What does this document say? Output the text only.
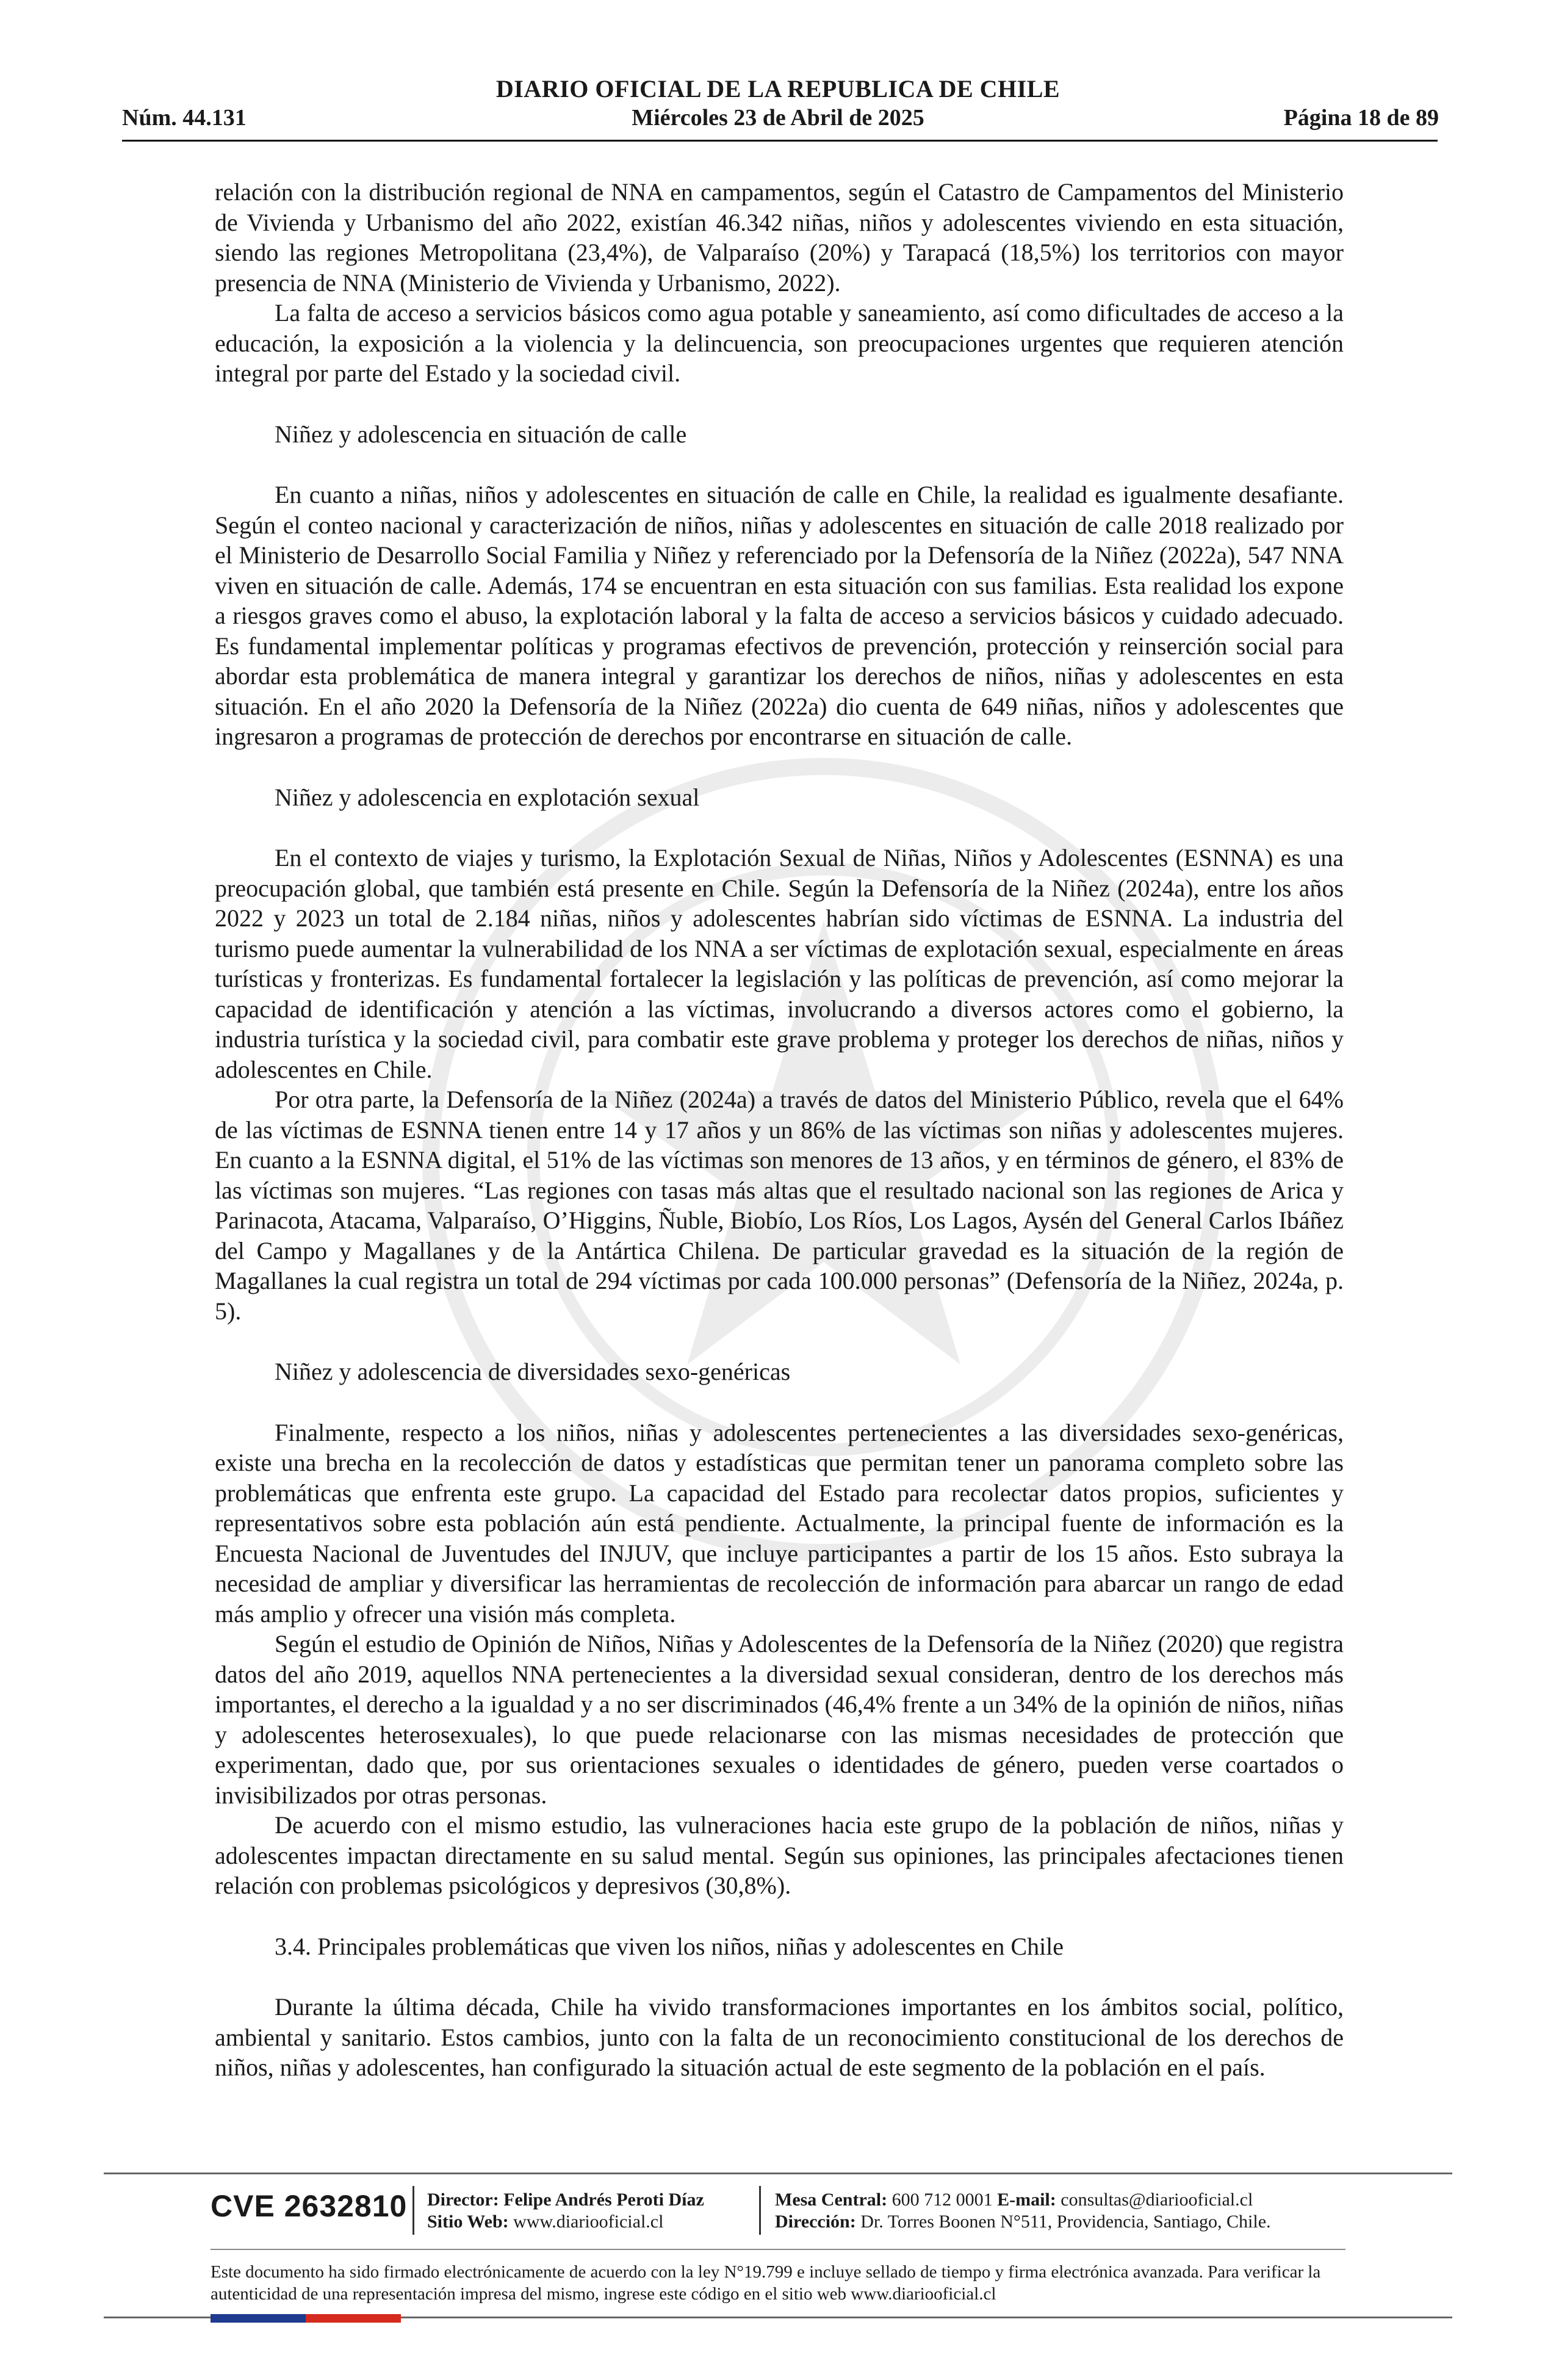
DIARIO OFICIAL DE LA REPUBLICA DE CHILE
Núm. 44.131	Miércoles 23 de Abril de 2025	Página 18 de 89

relación con la distribución regional de NNA en campamentos, según el Catastro de Campamentos del Ministerio de Vivienda y Urbanismo del año 2022, existían 46.342 niñas, niños y adolescentes viviendo en esta situación, siendo las regiones Metropolitana (23,4%), de Valparaíso (20%) y Tarapacá (18,5%) los territorios con mayor presencia de NNA (Ministerio de Vivienda y Urbanismo, 2022).

La falta de acceso a servicios básicos como agua potable y saneamiento, así como dificultades de acceso a la educación, la exposición a la violencia y la delincuencia, son preocupaciones urgentes que requieren atención integral por parte del Estado y la sociedad civil.

Niñez y adolescencia en situación de calle

En cuanto a niñas, niños y adolescentes en situación de calle en Chile, la realidad es igualmente desafiante. Según el conteo nacional y caracterización de niños, niñas y adolescentes en situación de calle 2018 realizado por el Ministerio de Desarrollo Social Familia y Niñez y referenciado por la Defensoría de la Niñez (2022a), 547 NNA viven en situación de calle. Además, 174 se encuentran en esta situación con sus familias. Esta realidad los expone a riesgos graves como el abuso, la explotación laboral y la falta de acceso a servicios básicos y cuidado adecuado. Es fundamental implementar políticas y programas efectivos de prevención, protección y reinserción social para abordar esta problemática de manera integral y garantizar los derechos de niños, niñas y adolescentes en esta situación. En el año 2020 la Defensoría de la Niñez (2022a) dio cuenta de 649 niñas, niños y adolescentes que ingresaron a programas de protección de derechos por encontrarse en situación de calle.

Niñez y adolescencia en explotación sexual

En el contexto de viajes y turismo, la Explotación Sexual de Niñas, Niños y Adolescentes (ESNNA) es una preocupación global, que también está presente en Chile. Según la Defensoría de la Niñez (2024a), entre los años 2022 y 2023 un total de 2.184 niñas, niños y adolescentes habrían sido víctimas de ESNNA. La industria del turismo puede aumentar la vulnerabilidad de los NNA a ser víctimas de explotación sexual, especialmente en áreas turísticas y fronterizas. Es fundamental fortalecer la legislación y las políticas de prevención, así como mejorar la capacidad de identificación y atención a las víctimas, involucrando a diversos actores como el gobierno, la industria turística y la sociedad civil, para combatir este grave problema y proteger los derechos de niñas, niños y adolescentes en Chile.

Por otra parte, la Defensoría de la Niñez (2024a) a través de datos del Ministerio Público, revela que el 64% de las víctimas de ESNNA tienen entre 14 y 17 años y un 86% de las víctimas son niñas y adolescentes mujeres. En cuanto a la ESNNA digital, el 51% de las víctimas son menores de 13 años, y en términos de género, el 83% de las víctimas son mujeres. “Las regiones con tasas más altas que el resultado nacional son las regiones de Arica y Parinacota, Atacama, Valparaíso, O’Higgins, Ñuble, Biobío, Los Ríos, Los Lagos, Aysén del General Carlos Ibáñez del Campo y Magallanes y de la Antártica Chilena. De particular gravedad es la situación de la región de Magallanes la cual registra un total de 294 víctimas por cada 100.000 personas” (Defensoría de la Niñez, 2024a, p. 5).

Niñez y adolescencia de diversidades sexo-genéricas

Finalmente, respecto a los niños, niñas y adolescentes pertenecientes a las diversidades sexo-genéricas, existe una brecha en la recolección de datos y estadísticas que permitan tener un panorama completo sobre las problemáticas que enfrenta este grupo. La capacidad del Estado para recolectar datos propios, suficientes y representativos sobre esta población aún está pendiente. Actualmente, la principal fuente de información es la Encuesta Nacional de Juventudes del INJUV, que incluye participantes a partir de los 15 años. Esto subraya la necesidad de ampliar y diversificar las herramientas de recolección de información para abarcar un rango de edad más amplio y ofrecer una visión más completa.

Según el estudio de Opinión de Niños, Niñas y Adolescentes de la Defensoría de la Niñez (2020) que registra datos del año 2019, aquellos NNA pertenecientes a la diversidad sexual consideran, dentro de los derechos más importantes, el derecho a la igualdad y a no ser discriminados (46,4% frente a un 34% de la opinión de niños, niñas y adolescentes heterosexuales), lo que puede relacionarse con las mismas necesidades de protección que experimentan, dado que, por sus orientaciones sexuales o identidades de género, pueden verse coartados o invisibilizados por otras personas.

De acuerdo con el mismo estudio, las vulneraciones hacia este grupo de la población de niños, niñas y adolescentes impactan directamente en su salud mental. Según sus opiniones, las principales afectaciones tienen relación con problemas psicológicos y depresivos (30,8%).

3.4. Principales problemáticas que viven los niños, niñas y adolescentes en Chile

Durante la última década, Chile ha vivido transformaciones importantes en los ámbitos social, político, ambiental y sanitario. Estos cambios, junto con la falta de un reconocimiento constitucional de los derechos de niños, niñas y adolescentes, han configurado la situación actual de este segmento de la población en el país.

CVE 2632810 Director: Felipe Andrés Peroti Díaz
Sitio Web: www.diariooficial.cl
Mesa Central: 600 712 0001 E-mail: consultas@diariooficial.cl
Dirección: Dr. Torres Boonen N°511, Providencia, Santiago, Chile.
Este documento ha sido firmado electrónicamente de acuerdo con la ley N°19.799 e incluye sellado de tiempo y firma electrónica avanzada. Para verificar la autenticidad de una representación impresa del mismo, ingrese este código en el sitio web www.diariooficial.cl
